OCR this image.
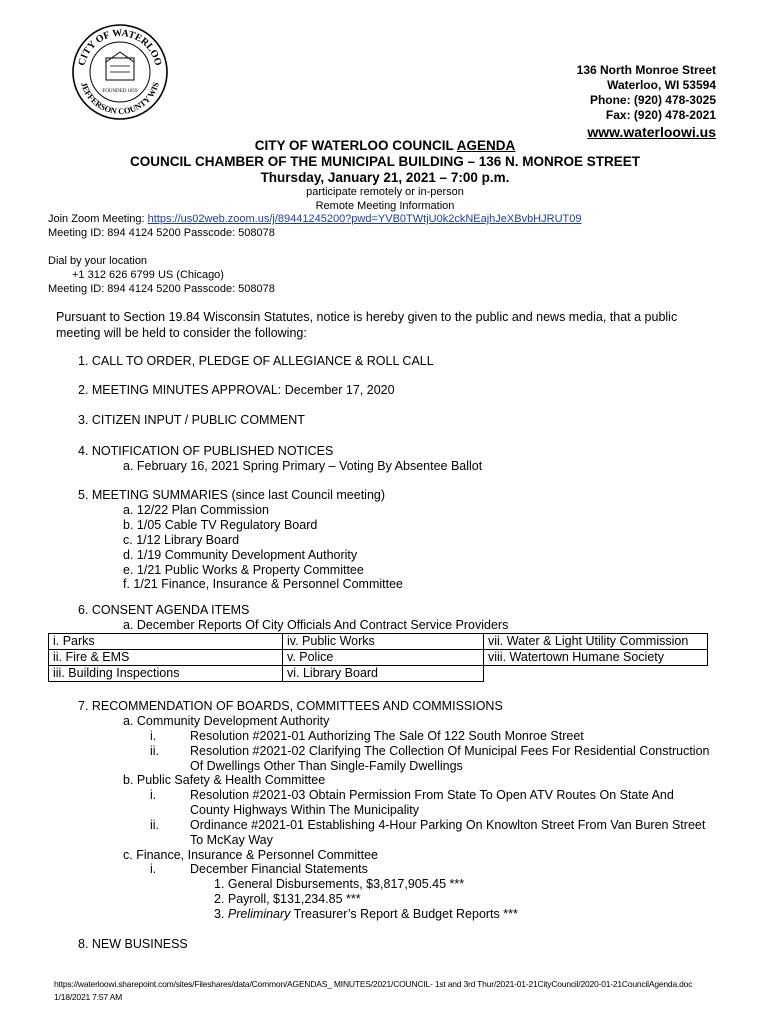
CITY OF WATERLOO
JEFFERSON COUNTY WIS
FOUNDED 1859
136 North Monroe Street
Waterloo, WI 53594
Phone: (920) 478-3025
Fax: (920) 478-2021
www.waterloowi.us
CITY OF WATERLOO COUNCIL AGENDA
COUNCIL CHAMBER OF THE MUNICIPAL BUILDING – 136 N. MONROE STREET
Thursday, January 21, 2021 – 7:00 p.m.
participate remotely or in-person
Remote Meeting Information
Join Zoom Meeting: https://us02web.zoom.us/j/89441245200?pwd=YVB0TWtjU0k2ckNEajhJeXBvbHJRUT09
Meeting ID: 894 4124 5200 Passcode: 508078
Dial by your location
+1 312 626 6799 US (Chicago)
Meeting ID: 894 4124 5200 Passcode: 508078
Pursuant to Section 19.84 Wisconsin Statutes, notice is hereby given to the public and news media, that a public meeting will be held to consider the following:
1. CALL TO ORDER, PLEDGE OF ALLEGIANCE & ROLL CALL
2. MEETING MINUTES APPROVAL: December 17, 2020
3. CITIZEN INPUT / PUBLIC COMMENT
4. NOTIFICATION OF PUBLISHED NOTICES
a. February 16, 2021 Spring Primary – Voting By Absentee Ballot
5. MEETING SUMMARIES (since last Council meeting)
a. 12/22 Plan Commission
b. 1/05 Cable TV Regulatory Board
c. 1/12 Library Board
d. 1/19 Community Development Authority
e. 1/21 Public Works & Property Committee
f. 1/21 Finance, Insurance & Personnel Committee
6. CONSENT AGENDA ITEMS
a. December Reports Of City Officials And Contract Service Providers
i. Parks	iv. Public Works	vii. Water & Light Utility Commission
ii. Fire & EMS	v. Police	viii. Watertown Humane Society
iii. Building Inspections	vi. Library Board	
7. RECOMMENDATION OF BOARDS, COMMITTEES AND COMMISSIONS
a. Community Development Authority
i.	Resolution #2021-01 Authorizing The Sale Of 122 South Monroe Street
ii. Resolution #2021-02 Clarifying The Collection Of Municipal Fees For Residential Construction
Of Dwellings Other Than Single-Family Dwellings
b. Public Safety & Health Committee
i.	Resolution #2021-03 Obtain Permission From State To Open ATV Routes On State And
County Highways Within The Municipality
ii. Ordinance #2021-01 Establishing 4-Hour Parking On Knowlton Street From Van Buren Street
To McKay Way
c. Finance, Insurance & Personnel Committee
i.	December Financial Statements
1. General Disbursements, $3,817,905.45 ***
2. Payroll, $131,234.85 ***
3. Preliminary Treasurer’s Report & Budget Reports ***
8. NEW BUSINESS
https://waterloowi.sharepoint.com/sites/Fileshares/data/Common/AGENDAS_ MINUTES/2021/COUNCIL- 1st and 3rd Thur/2021-01-21CityCouncil/2020-01-21CouncilAgenda.doc
1/18/2021 7:57 AM
